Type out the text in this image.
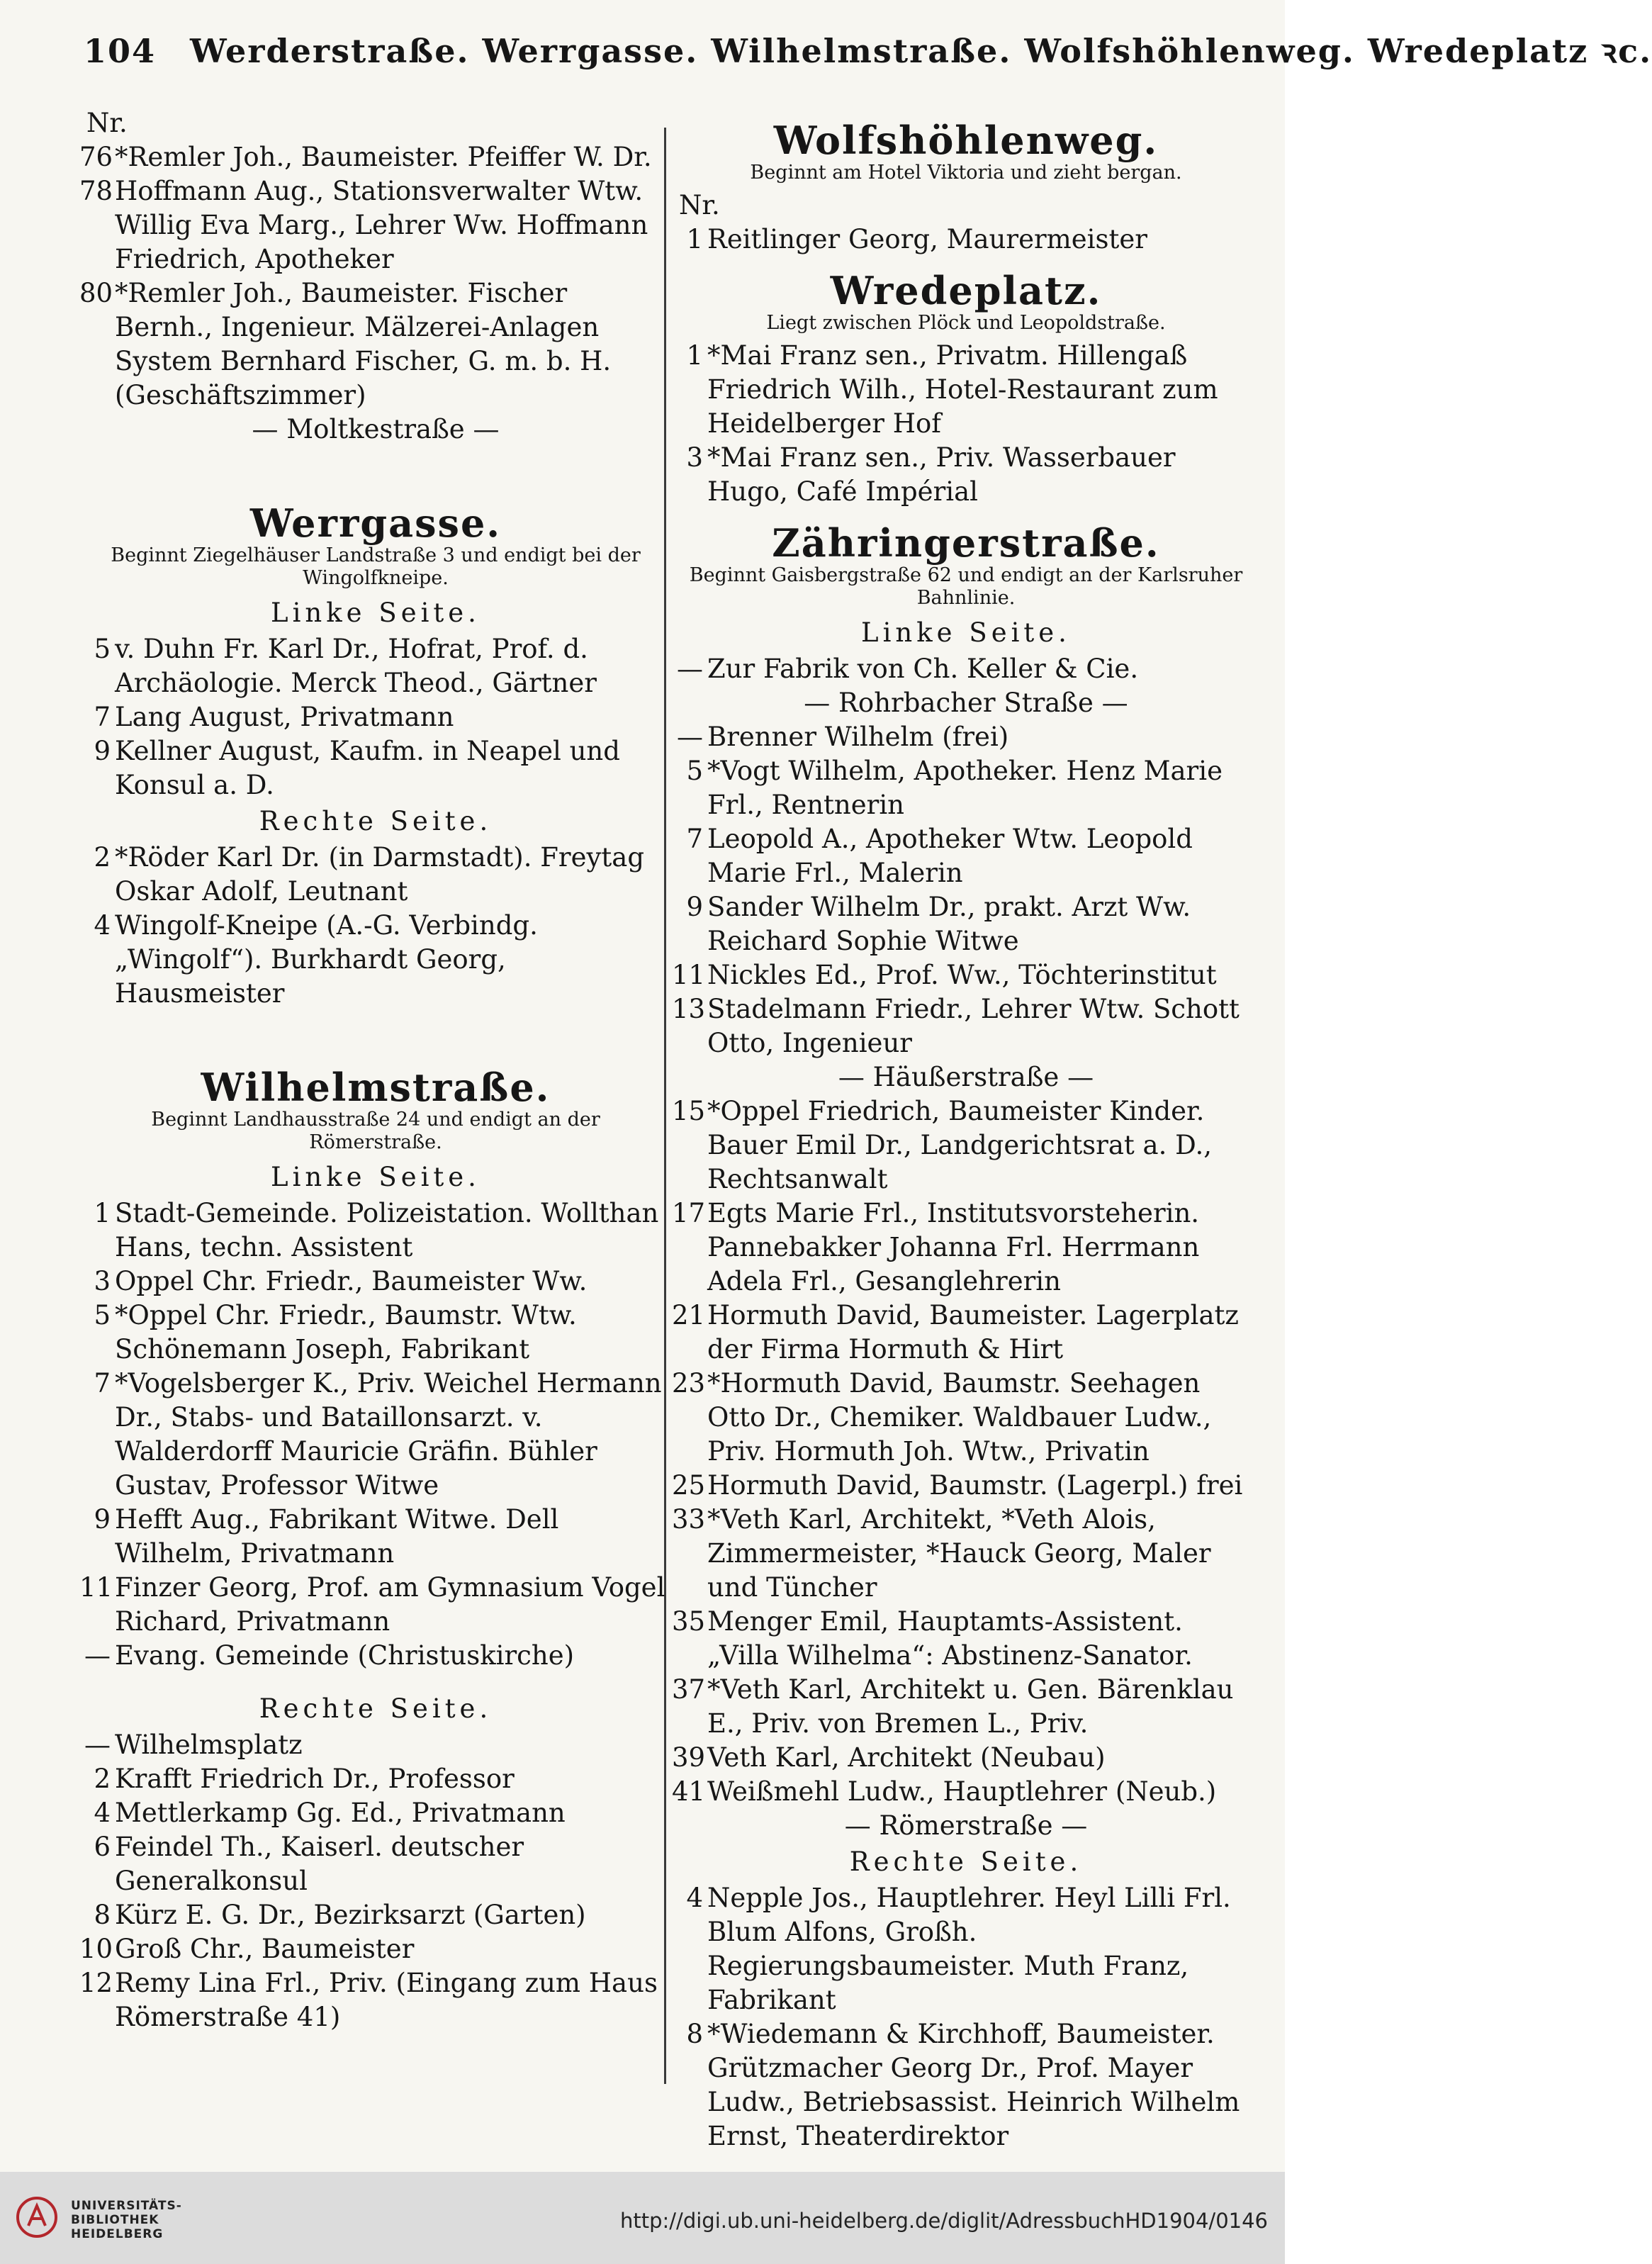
104 Werderstraße. Werrgasse. Wilhelmstraße. Wolfshöhlenweg. Wredeplatz ꝛc.
Nr.
76 *Remler Joh., Baumeister. Pfeiffer W. Dr.
78 Hoffmann Aug., Stationsverwalter Wtw. Willig Eva Marg., Lehrer Ww. Hoffmann Friedrich, Apotheker
80 *Remler Joh., Baumeister. Fischer Bernh., Ingenieur. Mälzerei-Anlagen System Bernhard Fischer, G. m. b. H. (Geschäftszimmer)
— Moltkestraße —
Werrgasse.
Beginnt Ziegelhäuser Landstraße 3 und endigt bei der Wingolfkneipe.
Linke Seite.
5 v. Duhn Fr. Karl Dr., Hofrat, Prof. d. Archäologie. Merck Theod., Gärtner
7 Lang August, Privatmann
9 Kellner August, Kaufm. in Neapel und Konsul a. D.
Rechte Seite.
2 *Röder Karl Dr. (in Darmstadt). Freytag Oskar Adolf, Leutnant
4 Wingolf-Kneipe (A.-G. Verbindg. „Wingolf“). Burkhardt Georg, Hausmeister
Wilhelmstraße.
Beginnt Landhausstraße 24 und endigt an der Römerstraße.
Linke Seite.
1 Stadt-Gemeinde. Polizeistation. Wollthan Hans, techn. Assistent
3 Oppel Chr. Friedr., Baumeister Ww.
5 *Oppel Chr. Friedr., Baumstr. Wtw. Schönemann Joseph, Fabrikant
7 *Vogelsberger K., Priv. Weichel Hermann Dr., Stabs- und Bataillonsarzt. v. Walderdorff Mauricie Gräfin. Bühler Gustav, Professor Witwe
9 Hefft Aug., Fabrikant Witwe. Dell Wilhelm, Privatmann
11 Finzer Georg, Prof. am Gymnasium Vogel Richard, Privatmann
— Evang. Gemeinde (Christuskirche)
Rechte Seite.
— Wilhelmsplatz
2 Krafft Friedrich Dr., Professor
4 Mettlerkamp Gg. Ed., Privatmann
6 Feindel Th., Kaiserl. deutscher Generalkonsul
8 Kürz E. G. Dr., Bezirksarzt (Garten)
10 Groß Chr., Baumeister
12 Remy Lina Frl., Priv. (Eingang zum Haus Römerstraße 41)
Wolfshöhlenweg.
Beginnt am Hotel Viktoria und zieht bergan.
Nr.
1 Reitlinger Georg, Maurermeister
Wredeplatz.
Liegt zwischen Plöck und Leopoldstraße.
1 *Mai Franz sen., Privatm. Hillengaß Friedrich Wilh., Hotel-Restaurant zum Heidelberger Hof
3 *Mai Franz sen., Priv. Wasserbauer Hugo, Café Impérial
Zähringerstraße.
Beginnt Gaisbergstraße 62 und endigt an der Karlsruher Bahnlinie.
Linke Seite.
— Zur Fabrik von Ch. Keller & Cie.
— Rohrbacher Straße —
— Brenner Wilhelm (frei)
5 *Vogt Wilhelm, Apotheker. Henz Marie Frl., Rentnerin
7 Leopold A., Apotheker Wtw. Leopold Marie Frl., Malerin
9 Sander Wilhelm Dr., prakt. Arzt Ww. Reichard Sophie Witwe
11 Nickles Ed., Prof. Ww., Töchterinstitut
13 Stadelmann Friedr., Lehrer Wtw. Schott Otto, Ingenieur
— Häußerstraße —
15 *Oppel Friedrich, Baumeister Kinder. Bauer Emil Dr., Landgerichtsrat a. D., Rechtsanwalt
17 Egts Marie Frl., Institutsvorsteherin. Pannebakker Johanna Frl. Herrmann Adela Frl., Gesanglehrerin
21 Hormuth David, Baumeister. Lagerplatz der Firma Hormuth & Hirt
23 *Hormuth David, Baumstr. Seehagen Otto Dr., Chemiker. Waldbauer Ludw., Priv. Hormuth Joh. Wtw., Privatin
25 Hormuth David, Baumstr. (Lagerpl.) frei
33 *Veth Karl, Architekt, *Veth Alois, Zimmermeister, *Hauck Georg, Maler und Tüncher
35 Menger Emil, Hauptamts-Assistent. „Villa Wilhelma“: Abstinenz-Sanator.
37 *Veth Karl, Architekt u. Gen. Bärenklau E., Priv. von Bremen L., Priv.
39 Veth Karl, Architekt (Neubau)
41 Weißmehl Ludw., Hauptlehrer (Neub.)
— Römerstraße —
Rechte Seite.
4 Nepple Jos., Hauptlehrer. Heyl Lilli Frl. Blum Alfons, Großh. Regierungsbaumeister. Muth Franz, Fabrikant
8 *Wiedemann & Kirchhoff, Baumeister. Grützmacher Georg Dr., Prof. Mayer Ludw., Betriebsassist. Heinrich Wilhelm Ernst, Theaterdirektor
UNIVERSITÄTS-
BIBLIOTHEK
HEIDELBERG
http://digi.ub.uni-heidelberg.de/diglit/AdressbuchHD1904/0146
